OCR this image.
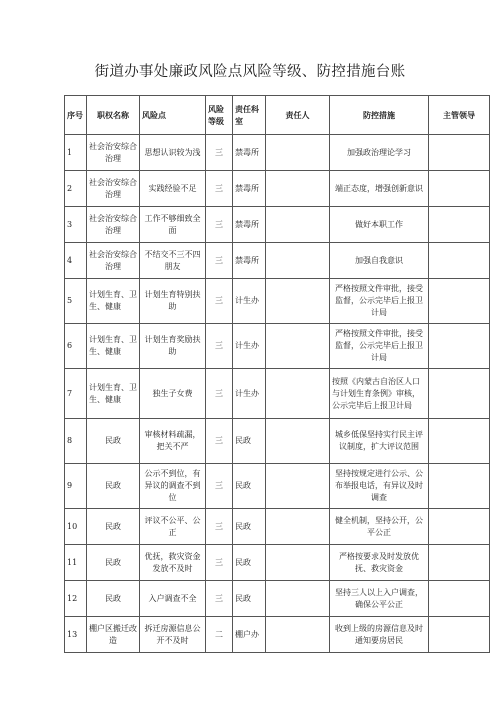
街道办事处廉政风险点风险等级、防控措施台账
序号	职权名称	风险点	风险等级	责任科室	责任人	防控措施	主管领导
1	社会治安综合治理	思想认识较为浅	三	禁毒所		加强政治理论学习	
2	社会治安综合治理	实践经验不足	三	禁毒所		端正态度，增强创新意识	
3	社会治安综合治理	工作不够细致全面	三	禁毒所		做好本职工作	
4	社会治安综合治理	不结交不三不四朋友	三	禁毒所		加强自我意识	
5	计划生育、卫生、健康	计划生育特别扶助	三	计生办		严格按照文件审批，接受监督，公示完毕后上报卫计局	
6	计划生育、卫生、健康	计划生育奖励扶助	三	计生办		严格按照文件审批，接受监督，公示完毕后上报卫计局	
7	计划生育、卫生、健康	独生子女费	三	计生办		按照《内蒙古自治区人口与计划生育条例》审核，公示完毕后上报卫计局	
8	民政	审核材料疏漏，把关不严	三	民政		城乡低保坚持实行民主评议制度，扩大评议范围	
9	民政	公示不到位，有异议的调查不到位	三	民政		坚持按规定进行公示、公布举报电话，有异议及时调查	
10	民政	评议不公平、公正	三	民政		健全机制，坚持公开，公平公正	
11	民政	优抚，救灾资金发放不及时	三	民政		严格按要求及时发放优抚、救灾资金	
12	民政	入户调查不全	三	民政		坚持三人以上入户调查，确保公平公正	
13	棚户区搬迁改造	拆迁房源信息公开不及时	二	棚户办		收到上级的房源信息及时通知要房居民	
